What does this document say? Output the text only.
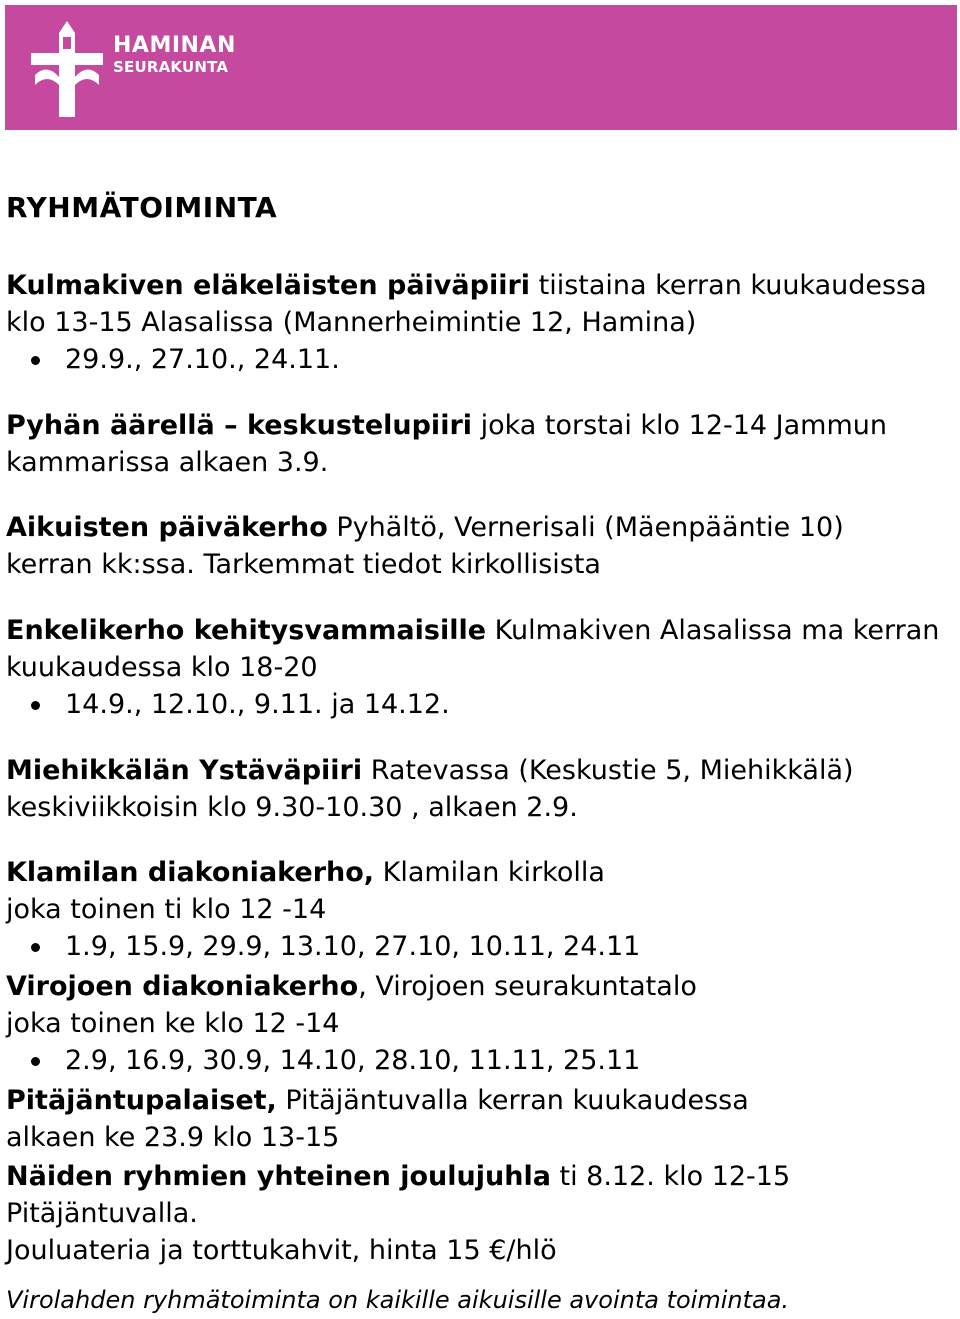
HAMINAN
SEURAKUNTA
RYHMÄTOIMINTA

Kulmakiven eläkeläisten päiväpiiri tiistaina kerran kuukaudessa

klo 13-15 Alasalissa (Mannerheimintie 12, Hamina)

29.9., 27.10., 24.11.

Pyhän äärellä – keskustelupiiri joka torstai klo 12-14 Jammun

kammarissa alkaen 3.9.

Aikuisten päiväkerho Pyhältö, Vernerisali (Mäenpääntie 10)

kerran kk:ssa. Tarkemmat tiedot kirkollisista

Enkelikerho kehitysvammaisille Kulmakiven Alasalissa ma kerran

kuukaudessa klo 18-20

14.9., 12.10., 9.11. ja 14.12.

Miehikkälän Ystäväpiiri Ratevassa (Keskustie 5, Miehikkälä)

keskiviikkoisin klo 9.30-10.30 , alkaen 2.9.

Klamilan diakoniakerho, Klamilan kirkolla

joka toinen ti klo 12 -14

1.9, 15.9, 29.9, 13.10, 27.10, 10.11, 24.11

Virojoen diakoniakerho, Virojoen seurakuntatalo

joka toinen ke klo 12 -14

2.9, 16.9, 30.9, 14.10, 28.10, 11.11, 25.11

Pitäjäntupalaiset, Pitäjäntuvalla kerran kuukaudessa

alkaen ke 23.9 klo 13-15

Näiden ryhmien yhteinen joulujuhla ti 8.12. klo 12-15 Pitäjäntuvalla.

Jouluateria ja torttukahvit, hinta 15 €/hlö

Virolahden ryhmätoiminta on kaikille aikuisille avointa toimintaa.
